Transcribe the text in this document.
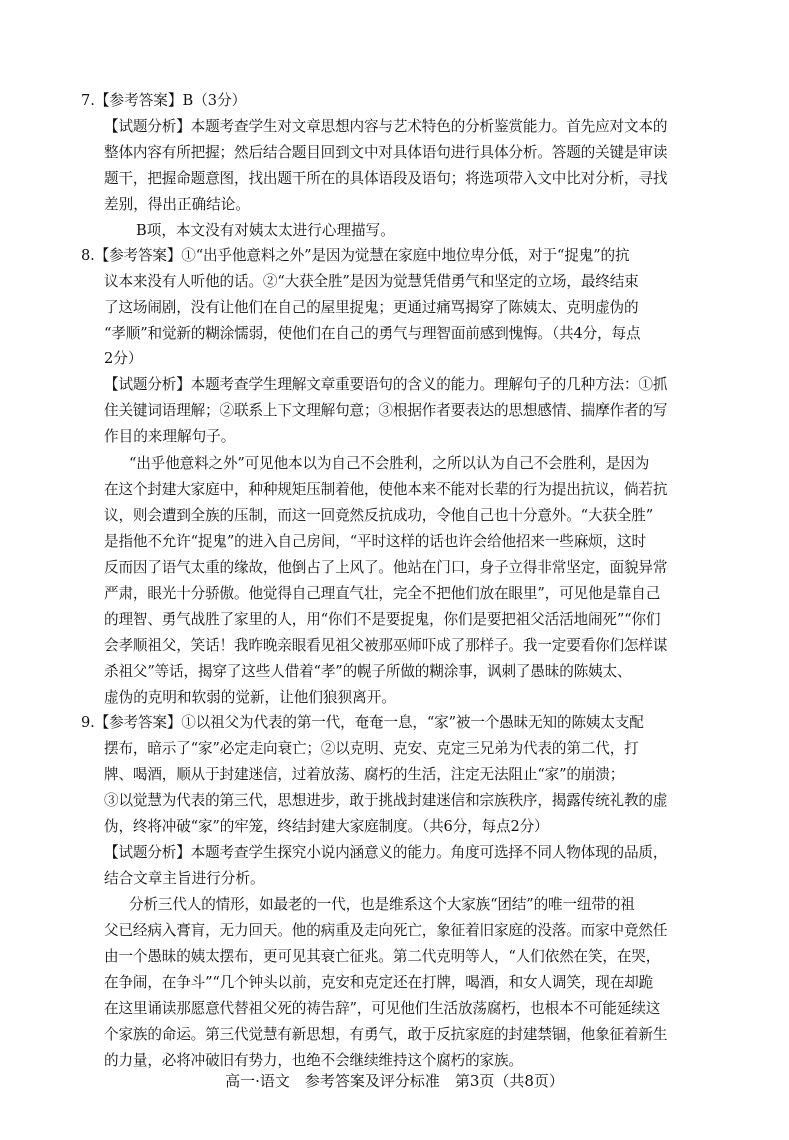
7.【参考答案】B（3分）
【试题分析】本题考查学生对文章思想内容与艺术特色的分析鉴赏能力。首先应对文本的
整体内容有所把握；然后结合题目回到文中对具体语句进行具体分析。答题的关键是审读
题干，把握命题意图，找出题干所在的具体语段及语句；将选项带入文中比对分析，寻找
差别，得出正确结论。
B项，本文没有对姨太太进行心理描写。
8.【参考答案】①“出乎他意料之外”是因为觉慧在家庭中地位卑分低，对于“捉鬼”的抗
议本来没有人听他的话。②“大获全胜”是因为觉慧凭借勇气和坚定的立场，最终结束
了这场闹剧，没有让他们在自己的屋里捉鬼；更通过痛骂揭穿了陈姨太、克明虚伪的
“孝顺”和觉新的糊涂懦弱，使他们在自己的勇气与理智面前感到愧悔。（共4分，每点
2分）
【试题分析】本题考查学生理解文章重要语句的含义的能力。理解句子的几种方法：①抓
住关键词语理解；②联系上下文理解句意；③根据作者要表达的思想感情、揣摩作者的写
作目的来理解句子。
“出乎他意料之外”可见他本以为自己不会胜利，之所以认为自己不会胜利，是因为
在这个封建大家庭中，种种规矩压制着他，使他本来不能对长辈的行为提出抗议，倘若抗
议，则会遭到全族的压制，而这一回竟然反抗成功，令他自己也十分意外。“大获全胜”
是指他不允许“捉鬼”的进入自己房间，“平时这样的话也许会给他招来一些麻烦，这时
反而因了语气太重的缘故，他倒占了上风了。他站在门口，身子立得非常坚定，面貌异常
严肃，眼光十分骄傲。他觉得自己理直气壮，完全不把他们放在眼里”，可见他是靠自己
的理智、勇气战胜了家里的人，用“你们不是要捉鬼，你们是要把祖父活活地闹死”“你们
会孝顺祖父，笑话！我昨晚亲眼看见祖父被那巫师吓成了那样子。我一定要看你们怎样谋
杀祖父”等话，揭穿了这些人借着“孝”的幌子所做的糊涂事，讽刺了愚昧的陈姨太、
虚伪的克明和软弱的觉新，让他们狼狈离开。
9.【参考答案】①以祖父为代表的第一代，奄奄一息，“家”被一个愚昧无知的陈姨太支配
摆布，暗示了“家”必定走向衰亡；②以克明、克安、克定三兄弟为代表的第二代，打
牌、喝酒，顺从于封建迷信，过着放荡、腐朽的生活，注定无法阻止“家”的崩溃；
③以觉慧为代表的第三代，思想进步，敢于挑战封建迷信和宗族秩序，揭露传统礼教的虚
伪，终将冲破“家”的牢笼，终结封建大家庭制度。（共6分，每点2分）
【试题分析】本题考查学生探究小说内涵意义的能力。角度可选择不同人物体现的品质，
结合文章主旨进行分析。
分析三代人的情形，如最老的一代，也是维系这个大家族“团结”的唯一纽带的祖
父已经病入膏肓，无力回天。他的病重及走向死亡，象征着旧家庭的没落。而家中竟然任
由一个愚昧的姨太摆布，更可见其衰亡征兆。第二代克明等人，“人们依然在笑，在哭，
在争闹，在争斗”“几个钟头以前，克安和克定还在打牌，喝酒，和女人调笑，现在却跪
在这里诵读那愿意代替祖父死的祷告辞”，可见他们生活放荡腐朽，也根本不可能延续这
个家族的命运。第三代觉慧有新思想，有勇气，敢于反抗家庭的封建禁锢，他象征着新生
的力量，必将冲破旧有势力，也绝不会继续维持这个腐朽的家族。
高一·语文　参考答案及评分标准　第3页（共8页）
